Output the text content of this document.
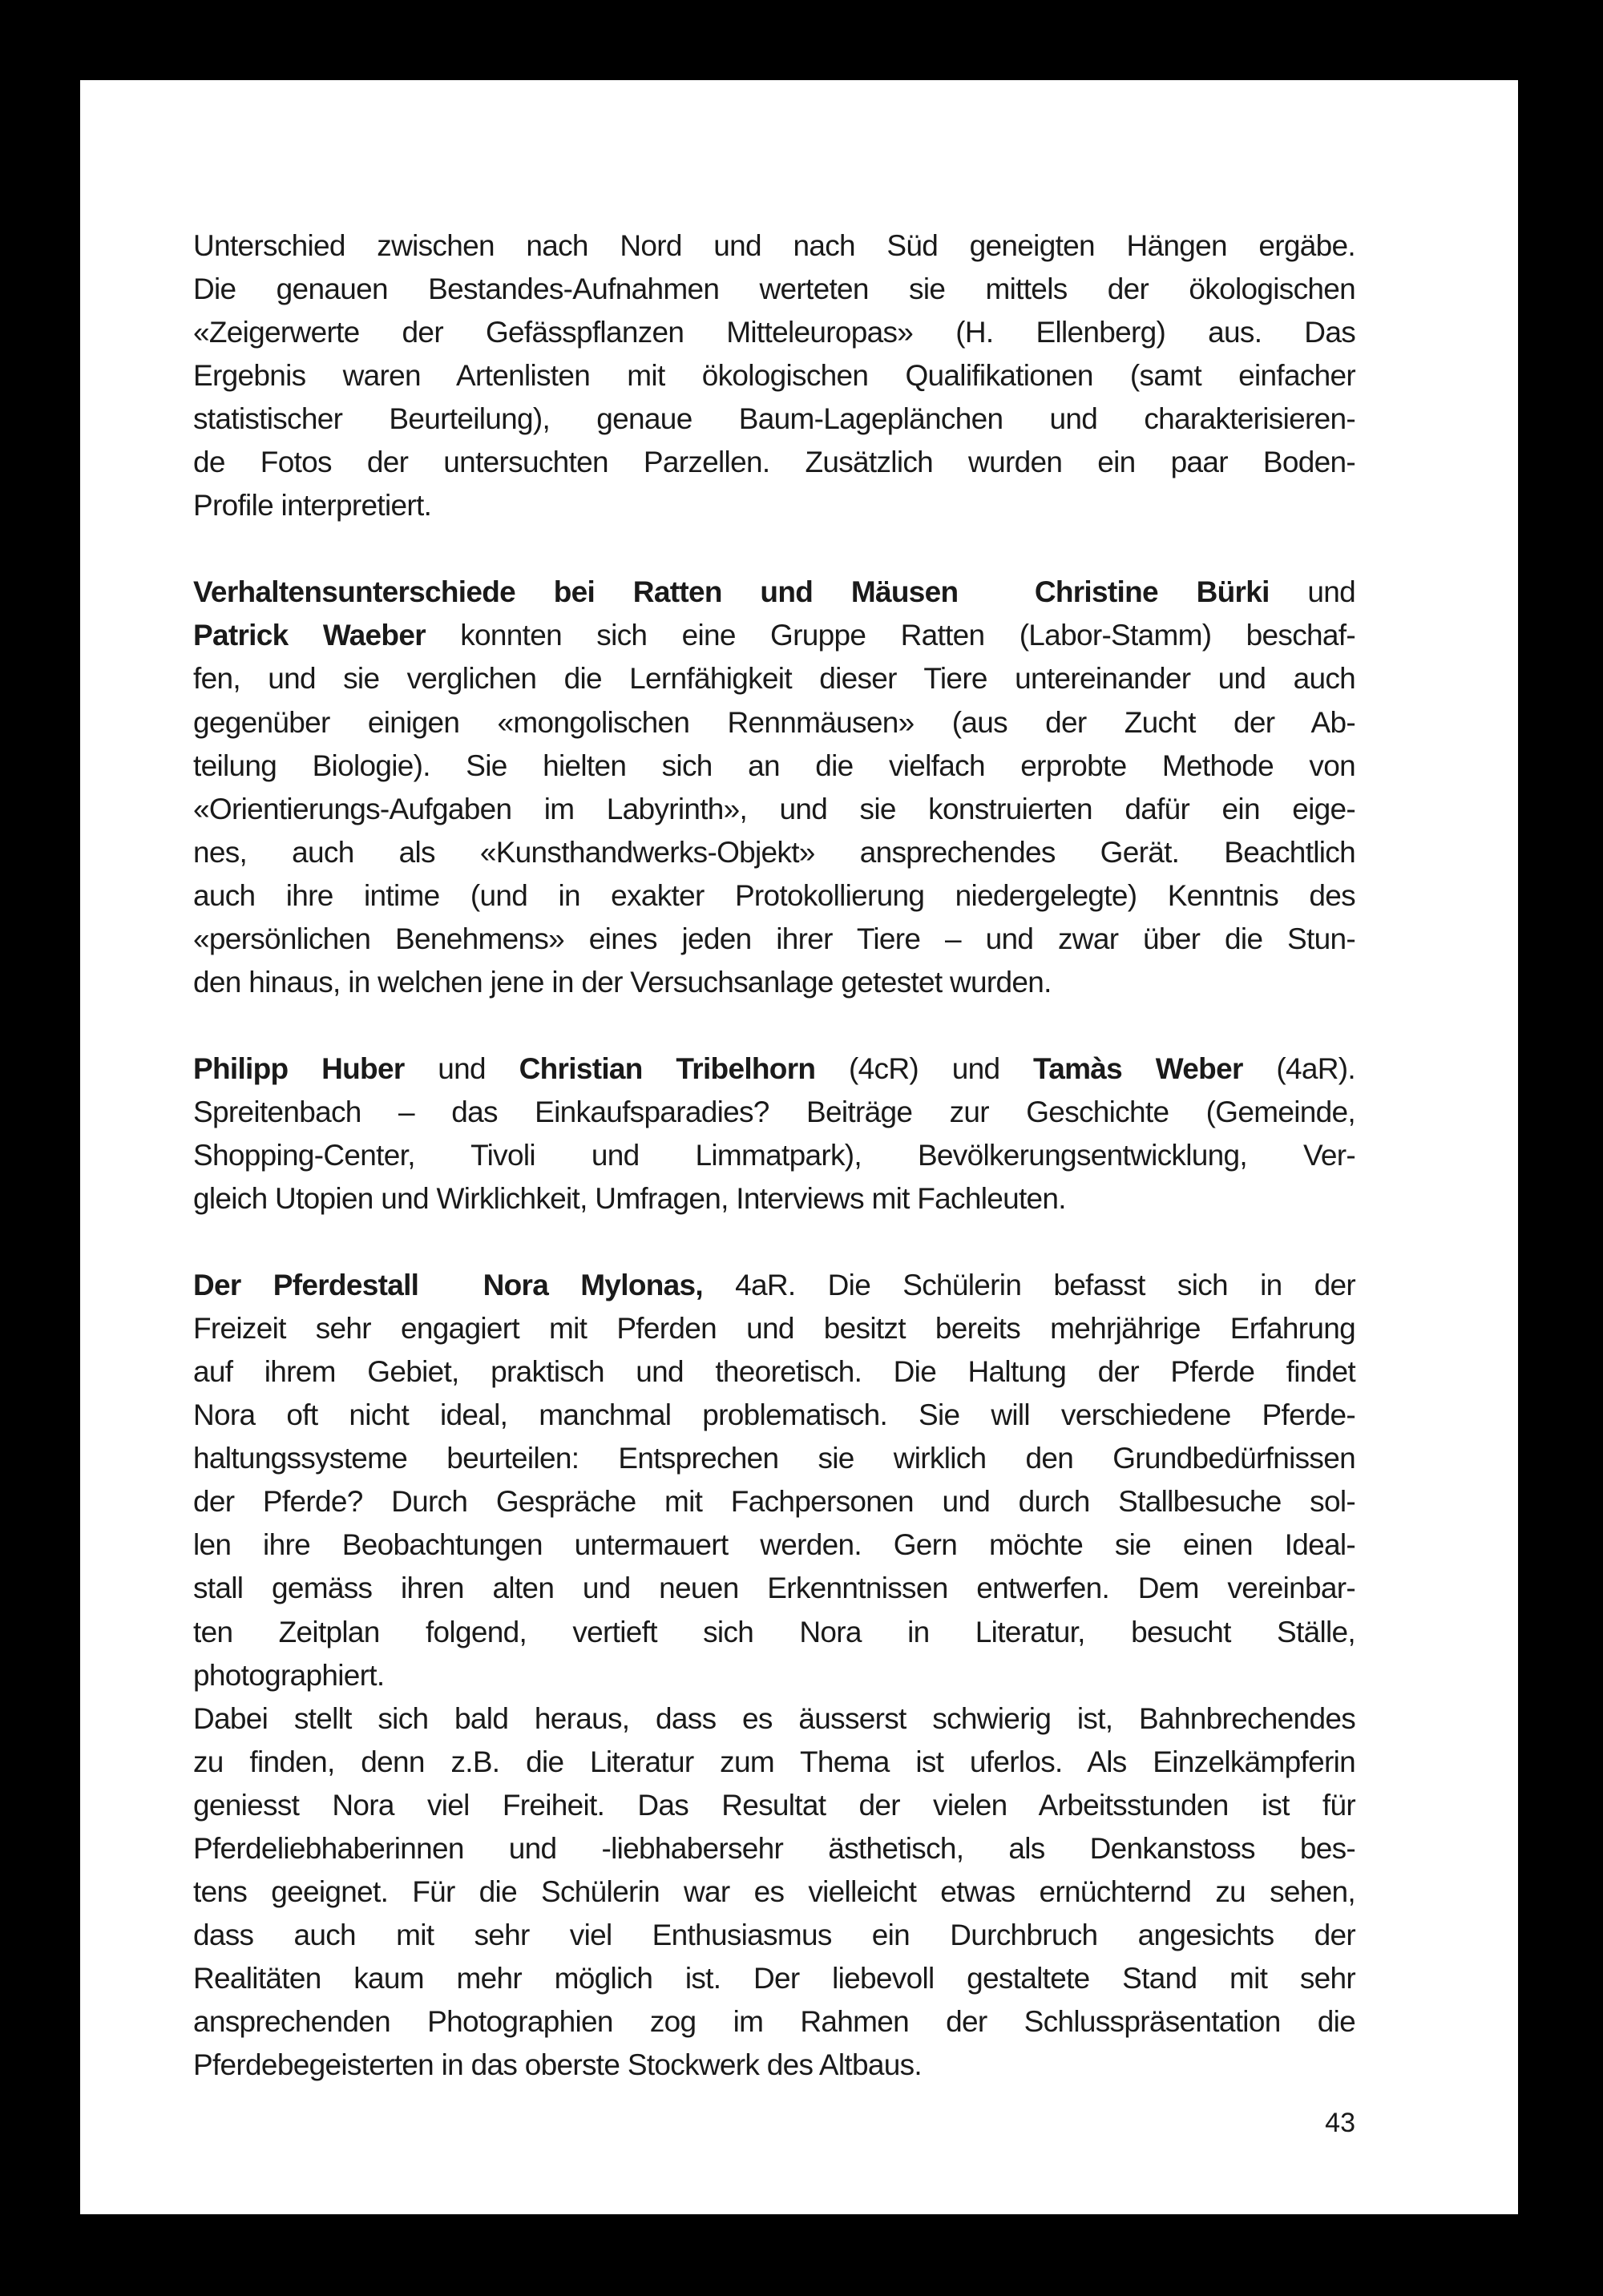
Unterschied zwischen nach Nord und nach Süd geneigten Hängen ergäbe.
Die genauen Bestandes-Aufnahmen werteten sie mittels der ökologischen
«Zeigerwerte der Gefässpflanzen Mitteleuropas» (H. Ellenberg) aus. Das
Ergebnis waren Artenlisten mit ökologischen Qualifikationen (samt einfacher
statistischer Beurteilung), genaue Baum-Lageplänchen und charakterisieren-
de Fotos der untersuchten Parzellen. Zusätzlich wurden ein paar Boden-
Profile interpretiert.
Verhaltensunterschiede bei Ratten und Mäusen	Christine Bürki und
Patrick Waeber konnten sich eine Gruppe Ratten (Labor-Stamm) beschaf-
fen, und sie verglichen die Lernfähigkeit dieser Tiere untereinander und auch
gegenüber einigen «mongolischen Rennmäusen» (aus der Zucht der Ab-
teilung Biologie). Sie hielten sich an die vielfach erprobte Methode von
«Orientierungs-Aufgaben im Labyrinth», und sie konstruierten dafür ein eige-
nes, auch als «Kunsthandwerks-Objekt» ansprechendes Gerät. Beachtlich
auch ihre intime (und in exakter Protokollierung niedergelegte) Kenntnis des
«persönlichen Benehmens» eines jeden ihrer Tiere – und zwar über die Stun-
den hinaus, in welchen jene in der Versuchsanlage getestet wurden.
Philipp Huber und Christian Tribelhorn (4cR) und Tamàs Weber (4aR).
Spreitenbach – das Einkaufsparadies? Beiträge zur Geschichte (Gemeinde,
Shopping-Center, Tivoli und Limmatpark), Bevölkerungsentwicklung, Ver-
gleich Utopien und Wirklichkeit, Umfragen, Interviews mit Fachleuten.
Der Pferdestall Nora Mylonas, 4aR. Die Schülerin befasst sich in der
Freizeit sehr engagiert mit Pferden und besitzt bereits mehrjährige Erfahrung
auf ihrem Gebiet, praktisch und theoretisch. Die Haltung der Pferde findet
Nora oft nicht ideal, manchmal problematisch. Sie will verschiedene Pferde-
haltungssysteme beurteilen: Entsprechen sie wirklich den Grundbedürfnissen
der Pferde? Durch Gespräche mit Fachpersonen und durch Stallbesuche sol-
len ihre Beobachtungen untermauert werden. Gern möchte sie einen Ideal-
stall gemäss ihren alten und neuen Erkenntnissen entwerfen. Dem vereinbar-
ten Zeitplan folgend, vertieft sich Nora in Literatur, besucht Ställe,
photographiert.
Dabei stellt sich bald heraus, dass es äusserst schwierig ist, Bahnbrechendes
zu finden, denn z.B. die Literatur zum Thema ist uferlos. Als Einzelkämpferin
geniesst Nora viel Freiheit. Das Resultat der vielen Arbeitsstunden ist für
Pferdeliebhaberinnen und -liebhabersehr ästhetisch, als Denkanstoss bes-
tens geeignet. Für die Schülerin war es vielleicht etwas ernüchternd zu sehen,
dass auch mit sehr viel Enthusiasmus ein Durchbruch angesichts der
Realitäten kaum mehr möglich ist. Der liebevoll gestaltete Stand mit sehr
ansprechenden Photographien zog im Rahmen der Schlusspräsentation die
Pferdebegeisterten in das oberste Stockwerk des Altbaus.
43
